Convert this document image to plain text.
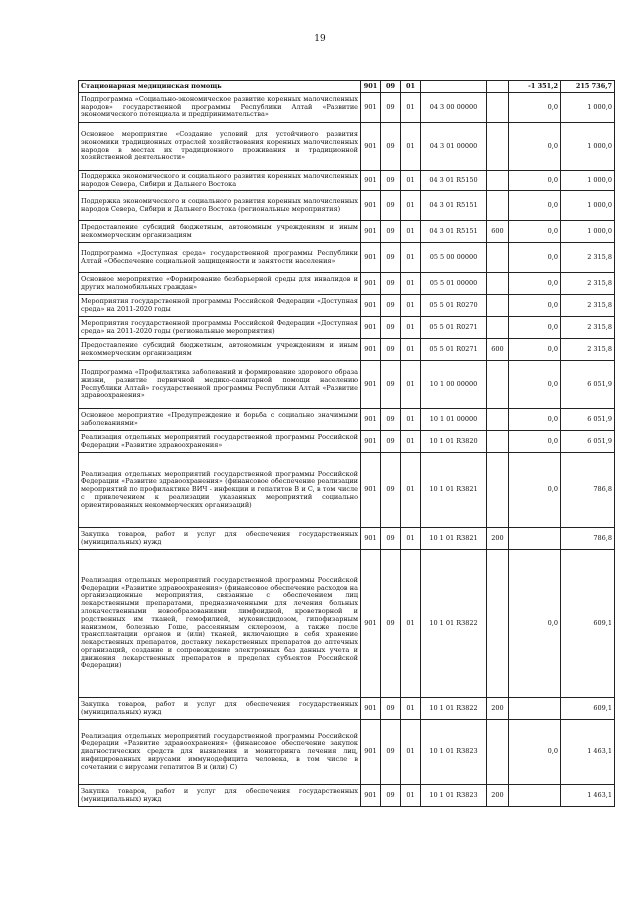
19
Стационарная медицинская помощь	901	09	01			-1 351,2	215 736,7
Подпрограмма «Социально-экономическое развитие коренных малочисленных народов» государственной программы Республики Алтай «Развитие экономического потенциала и предпринимательства»	901	09	01	04 3 00 00000		0,0	1 000,0
Основное мероприятие «Создание условий для устойчивого развития экономики традиционных отраслей хозяйствования коренных малочисленных народов в местах их традиционного проживания и традиционной хозяйственной деятельности»	901	09	01	04 3 01 00000		0,0	1 000,0
Поддержка экономического и социального развития коренных малочисленных народов Севера, Сибири и Дальнего Востока	901	09	01	04 3 01 R5150		0,0	1 000,0
Поддержка экономического и социального развития коренных малочисленных народов Севера, Сибири и Дальнего Востока (региональные мероприятия)	901	09	01	04 3 01 R5151		0,0	1 000,0
Предоставление субсидий бюджетным, автономным учреждениям и иным некоммерческим организациям	901	09	01	04 3 01 R5151	600	0,0	1 000,0
Подпрограмма «Доступная среда» государственной программы Республики Алтай «Обеспечение социальной защищенности и занятости населения»	901	09	01	05 5 00 00000		0,0	2 315,8
Основное мероприятие «Формирование безбарьерной среды для инвалидов и других маломобильных граждан»	901	09	01	05 5 01 00000		0,0	2 315,8
Мероприятия государственной программы Российской Федерации «Доступная среда» на 2011-2020 годы	901	09	01	05 5 01 R0270		0,0	2 315,8
Мероприятия государственной программы Российской Федерации «Доступная среда» на 2011-2020 годы (региональные мероприятия)	901	09	01	05 5 01 R0271		0,0	2 315,8
Предоставление субсидий бюджетным, автономным учреждениям и иным некоммерческим организациям	901	09	01	05 5 01 R0271	600	0,0	2 315,8
Подпрограмма «Профилактика заболеваний и формирование здорового образа жизни, развитие первичной медико-санитарной помощи населению Республики Алтай» государственной программы Республики Алтай «Развитие здравоохранения»	901	09	01	10 1 00 00000		0,0	6 051,9
Основное мероприятие «Предупреждение и борьба с социально значимыми заболеваниями»	901	09	01	10 1 01 00000		0,0	6 051,9
Реализация отдельных мероприятий государственной программы Российской Федерации «Развитие здравоохранения»	901	09	01	10 1 01 R3820		0,0	6 051,9
Реализация отдельных мероприятий государственной программы Российской Федерации «Развитие здравоохранения» (финансовое обеспечение реализации мероприятий по профилактике ВИЧ - инфекции и гепатитов B и C, в том числе с привлечением к реализации указанных мероприятий социально ориентированных некоммерческих организаций)	901	09	01	10 1 01 R3821		0,0	786,8
Закупка товаров, работ и услуг для обеспечения государственных (муниципальных) нужд	901	09	01	10 1 01 R3821	200		786,8
Реализация отдельных мероприятий государственной программы Российской Федерации «Развитие здравоохранения» (финансовое обеспечение расходов на организационные мероприятия, связанные с обеспечением лиц лекарственными препаратами, предназначенными для лечения больных злокачественными новообразованиями лимфоидной, кроветворной и родственных им тканей, гемофилией, муковисцидозом, гипофизарным нанизмом, болезнью Гоше, рассеянным склерозом, а также после трансплантации органов и (или) тканей, включающие в себя хранение лекарственных препаратов, доставку лекарственных препаратов до аптечных организаций, создание и сопровождение электронных баз данных учета и движения лекарственных препаратов в пределах субъектов Российской Федерации)	901	09	01	10 1 01 R3822		0,0	609,1
Закупка товаров, работ и услуг для обеспечения государственных (муниципальных) нужд	901	09	01	10 1 01 R3822	200		609,1
Реализация отдельных мероприятий государственной программы Российской Федерации «Развитие здравоохранения» (финансовое обеспечение закупок диагностических средств для выявления и мониторинга лечения лиц, инфицированных вирусами иммунодефицита человека, в том числе в сочетании с вирусами гепатитов B и (или) C)	901	09	01	10 1 01 R3823		0,0	1 463,1
Закупка товаров, работ и услуг для обеспечения государственных (муниципальных) нужд	901	09	01	10 1 01 R3823	200		1 463,1
